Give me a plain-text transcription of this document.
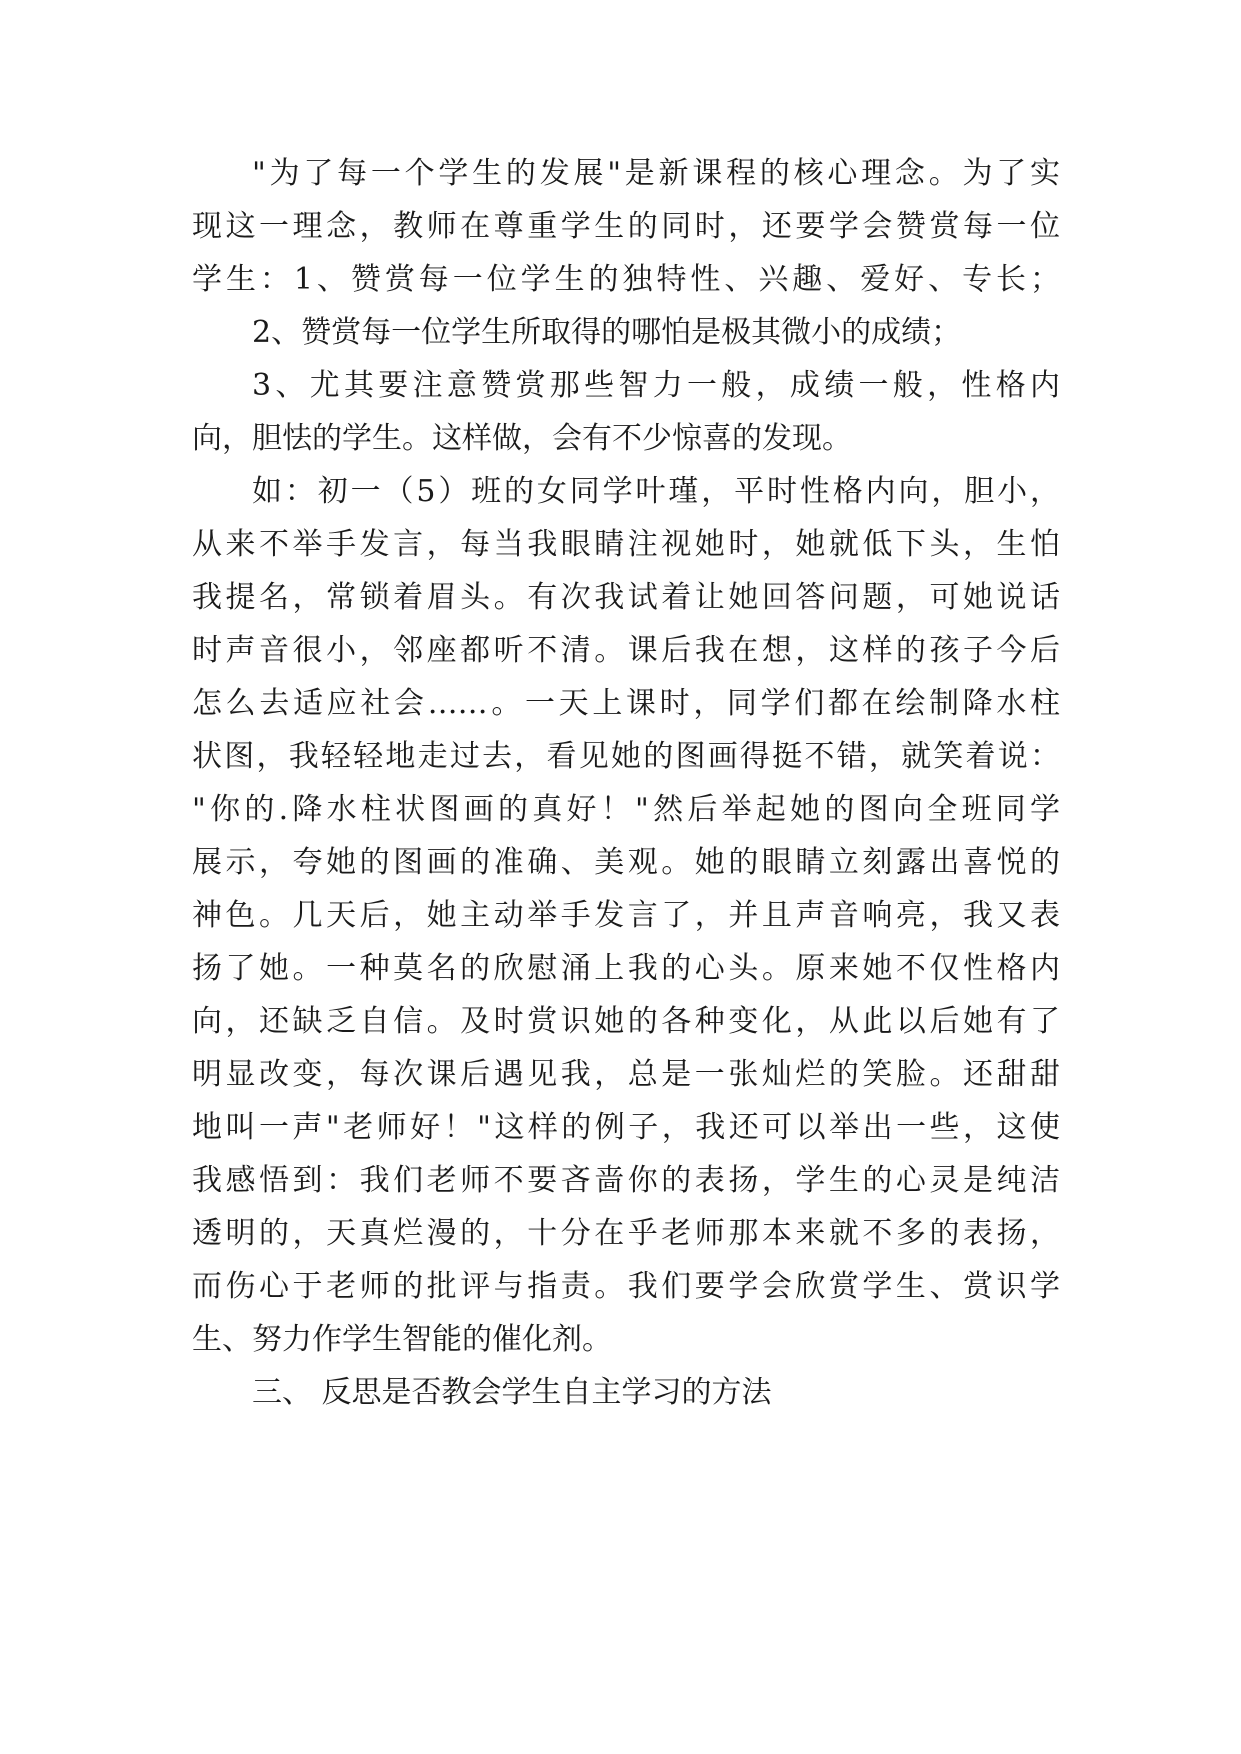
"为了每一个学生的发展"是新课程的核心理念。为了实
现这一理念，教师在尊重学生的同时，还要学会赞赏每一位
学生：1、赞赏每一位学生的独特性、兴趣、爱好、专长；
2、赞赏每一位学生所取得的哪怕是极其微小的成绩；
3、尤其要注意赞赏那些智力一般，成绩一般，性格内
向，胆怯的学生。这样做，会有不少惊喜的发现。
如：初一（5）班的女同学叶瑾，平时性格内向，胆小，
从来不举手发言，每当我眼睛注视她时，她就低下头，生怕
我提名，常锁着眉头。有次我试着让她回答问题，可她说话
时声音很小，邻座都听不清。课后我在想，这样的孩子今后
怎么去适应社会……。一天上课时，同学们都在绘制降水柱
状图，我轻轻地走过去，看见她的图画得挺不错，就笑着说：
"你的.降水柱状图画的真好！"然后举起她的图向全班同学
展示，夸她的图画的准确、美观。她的眼睛立刻露出喜悦的
神色。几天后，她主动举手发言了，并且声音响亮，我又表
扬了她。一种莫名的欣慰涌上我的心头。原来她不仅性格内
向，还缺乏自信。及时赏识她的各种变化，从此以后她有了
明显改变，每次课后遇见我，总是一张灿烂的笑脸。还甜甜
地叫一声"老师好！"这样的例子，我还可以举出一些，这使
我感悟到：我们老师不要吝啬你的表扬，学生的心灵是纯洁
透明的，天真烂漫的，十分在乎老师那本来就不多的表扬，
而伤心于老师的批评与指责。我们要学会欣赏学生、赏识学
生、努力作学生智能的催化剂。
三、 反思是否教会学生自主学习的方法
